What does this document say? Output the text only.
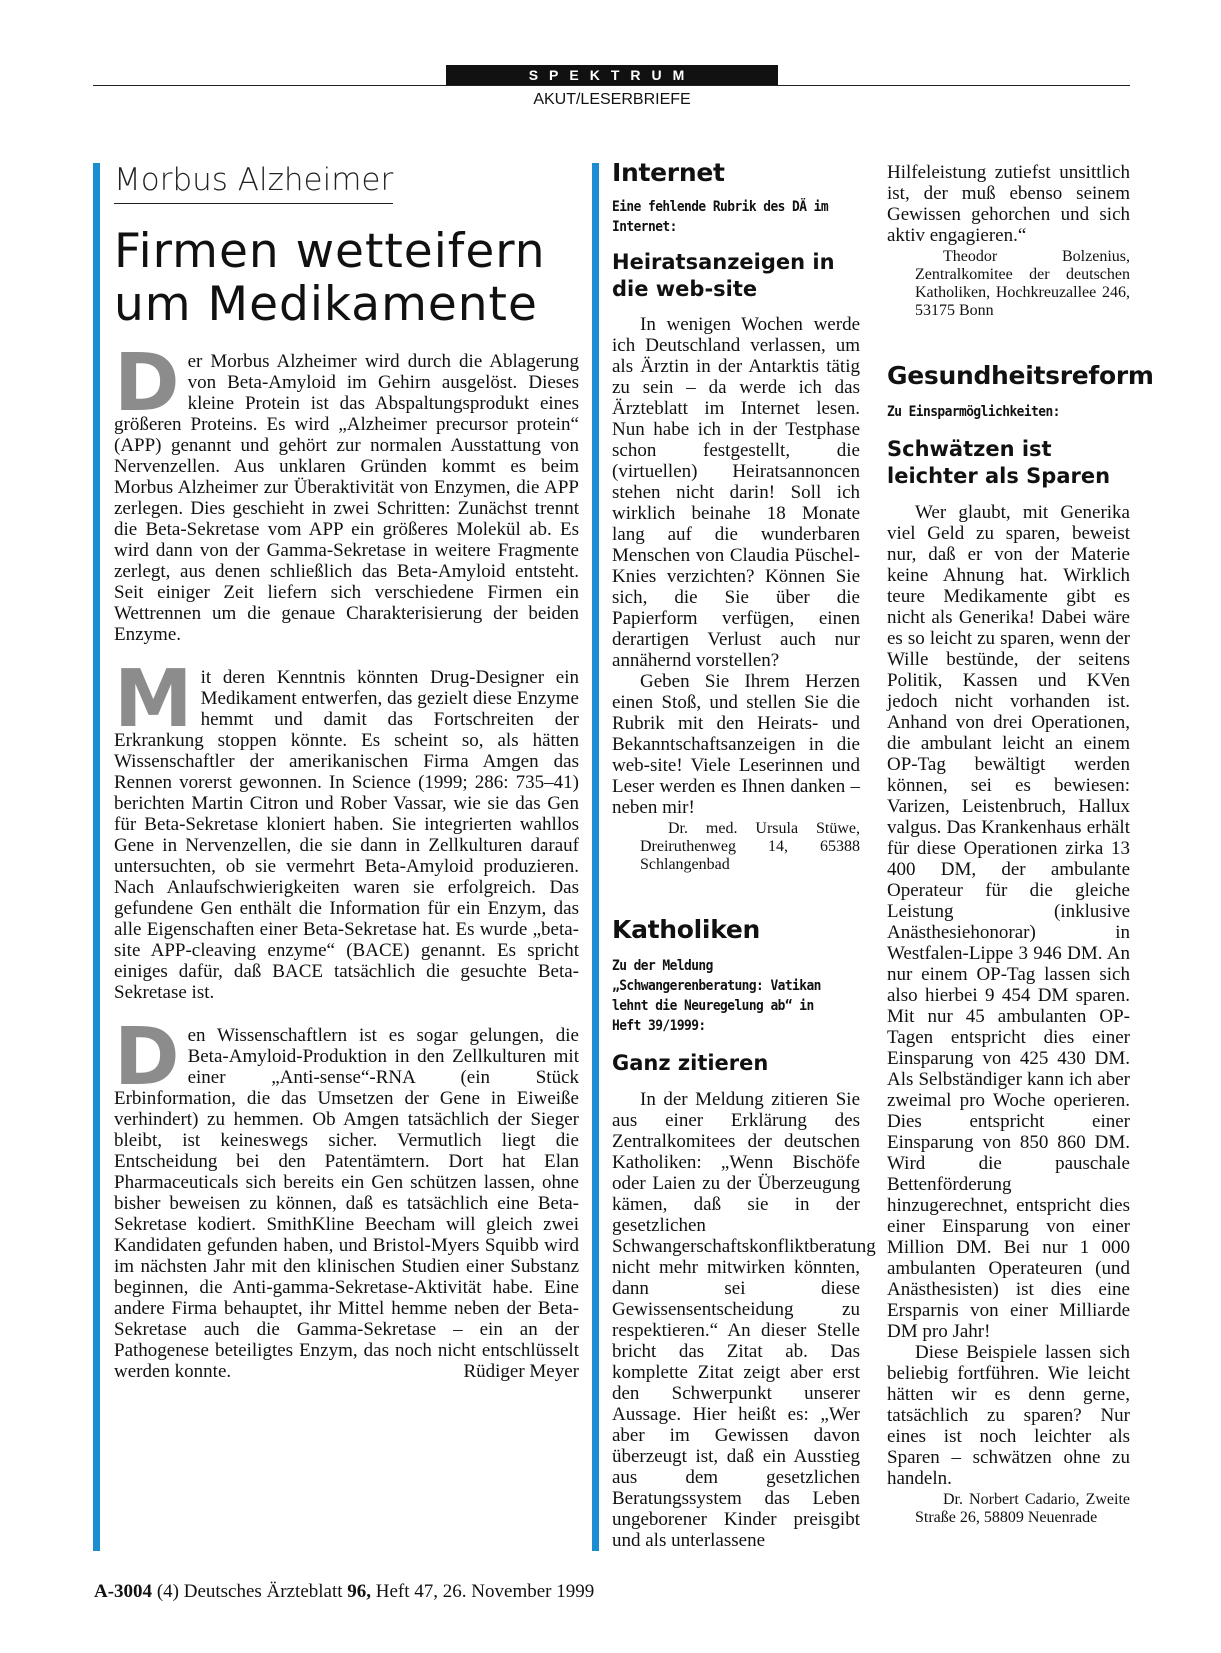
SPEKTRUM
AKUT/LESERBRIEFE
Morbus Alzheimer
Firmen wetteifern
um Medikamente

Der Morbus Alzheimer wird durch die Ablagerung von Beta-Amyloid im Gehirn ausgelöst. Dieses kleine Protein ist das Abspaltungsprodukt eines größeren Proteins. Es wird „Alzheimer precursor protein“ (APP) genannt und gehört zur normalen Ausstattung von Nervenzellen. Aus unklaren Gründen kommt es beim Morbus Alzheimer zur Überaktivität von Enzymen, die APP zerlegen. Dies geschieht in zwei Schritten: Zunächst trennt die Beta-Sekretase vom APP ein größeres Molekül ab. Es wird dann von der Gamma-Sekretase in weitere Fragmente zerlegt, aus denen schließlich das Beta-Amyloid entsteht. Seit einiger Zeit liefern sich verschiedene Firmen ein Wettrennen um die genaue Charakterisierung der beiden Enzyme.

Mit deren Kenntnis könnten Drug-Designer ein Medikament entwerfen, das gezielt diese Enzyme hemmt und damit das Fortschreiten der Erkrankung stoppen könnte. Es scheint so, als hätten Wissenschaftler der amerikanischen Firma Amgen das Rennen vorerst gewonnen. In Science (1999; 286: 735–41) berichten Martin Citron und Rober Vassar, wie sie das Gen für Beta-Sekretase kloniert haben. Sie integrierten wahllos Gene in Nervenzellen, die sie dann in Zellkulturen darauf untersuchten, ob sie vermehrt Beta-Amyloid produzieren. Nach Anlaufschwierigkeiten waren sie erfolgreich. Das gefundene Gen enthält die Information für ein Enzym, das alle Eigenschaften einer Beta-Sekretase hat. Es wurde „beta-site APP-cleaving enzyme“ (BACE) genannt. Es spricht einiges dafür, daß BACE tatsächlich die gesuchte Beta-Sekretase ist.

Den Wissenschaftlern ist es sogar gelungen, die Beta-Amyloid-Produktion in den Zellkulturen mit einer „Anti-sense“-RNA (ein Stück Erbinformation, die das Umsetzen der Gene in Eiweiße verhindert) zu hemmen. Ob Amgen tatsächlich der Sieger bleibt, ist keineswegs sicher. Vermutlich liegt die Entscheidung bei den Patentämtern. Dort hat Elan Pharmaceuticals sich bereits ein Gen schützen lassen, ohne bisher beweisen zu können, daß es tatsächlich eine Beta-Sekretase kodiert. SmithKline Beecham will gleich zwei Kandidaten gefunden haben, und Bristol-Myers Squibb wird im nächsten Jahr mit den klinischen Studien einer Substanz beginnen, die Anti-gamma-Sekretase-Aktivität habe. Eine andere Firma behauptet, ihr Mittel hemme neben der Beta-Sekretase auch die Gamma-Sekretase – ein an der Pathogenese beteiligtes Enzym, das noch nicht entschlüsselt werden konnte.	Rüdiger Meyer

Internet

Eine fehlende Rubrik des DÄ im Internet:

Heiratsanzeigen in die web-site

In wenigen Wochen werde ich Deutschland verlassen, um als Ärztin in der Antarktis tätig zu sein – da werde ich das Ärzteblatt im Internet lesen. Nun habe ich in der Testphase schon festgestellt, die (virtuellen) Heiratsannoncen stehen nicht darin! Soll ich wirklich beinahe 18 Monate lang auf die wunderbaren Menschen von Claudia Püschel-Knies verzichten? Können Sie sich, die Sie über die Papierform verfügen, einen derartigen Verlust auch nur annähernd vorstellen?

Geben Sie Ihrem Herzen einen Stoß, und stellen Sie die Rubrik mit den Heirats- und Bekanntschaftsanzeigen in die web-site! Viele Leserinnen und Leser werden es Ihnen danken – neben mir!

Dr. med. Ursula Stüwe, Dreiruthenweg 14, 65388 Schlangenbad

Katholiken

Zu der Meldung „Schwangerenberatung: Vatikan lehnt die Neuregelung ab“ in Heft 39/1999:

Ganz zitieren

In der Meldung zitieren Sie aus einer Erklärung des Zentralkomitees der deutschen Katholiken: „Wenn Bischöfe oder Laien zu der Überzeugung kämen, daß sie in der gesetzlichen Schwangerschaftskonfliktberatung nicht mehr mitwirken könnten, dann sei diese Gewissensentscheidung zu respektieren.“ An dieser Stelle bricht das Zitat ab. Das komplette Zitat zeigt aber erst den Schwerpunkt unserer Aussage. Hier heißt es: „Wer aber im Gewissen davon überzeugt ist, daß ein Ausstieg aus dem gesetzlichen Beratungssystem das Leben ungeborener Kinder preisgibt und als unterlassene

Hilfeleistung zutiefst unsittlich ist, der muß ebenso seinem Gewissen gehorchen und sich aktiv engagieren.“

Theodor Bolzenius, Zentralkomitee der deutschen Katholiken, Hochkreuzallee 246, 53175 Bonn

Gesundheitsreform

Zu Einsparmöglichkeiten:

Schwätzen ist leichter als Sparen

Wer glaubt, mit Generika viel Geld zu sparen, beweist nur, daß er von der Materie keine Ahnung hat. Wirklich teure Medikamente gibt es nicht als Generika! Dabei wäre es so leicht zu sparen, wenn der Wille bestünde, der seitens Politik, Kassen und KVen jedoch nicht vorhanden ist. Anhand von drei Operationen, die ambulant leicht an einem OP-Tag bewältigt werden können, sei es bewiesen: Varizen, Leistenbruch, Hallux valgus. Das Krankenhaus erhält für diese Operationen zirka 13 400 DM, der ambulante Operateur für die gleiche Leistung (inklusive Anästhesiehonorar) in Westfalen-Lippe 3 946 DM. An nur einem OP-Tag lassen sich also hierbei 9 454 DM sparen. Mit nur 45 ambulanten OP-Tagen entspricht dies einer Einsparung von 425 430 DM. Als Selbständiger kann ich aber zweimal pro Woche operieren. Dies entspricht einer Einsparung von 850 860 DM. Wird die pauschale Bettenförderung hinzugerechnet, entspricht dies einer Einsparung von einer Million DM. Bei nur 1 000 ambulanten Operateuren (und Anästhesisten) ist dies eine Ersparnis von einer Milliarde DM pro Jahr!

Diese Beispiele lassen sich beliebig fortführen. Wie leicht hätten wir es denn gerne, tatsächlich zu sparen? Nur eines ist noch leichter als Sparen – schwätzen ohne zu handeln.

Dr. Norbert Cadario, Zweite Straße 26, 58809 Neuenrade

A-3004 (4) Deutsches Ärzteblatt 96, Heft 47, 26. November 1999
